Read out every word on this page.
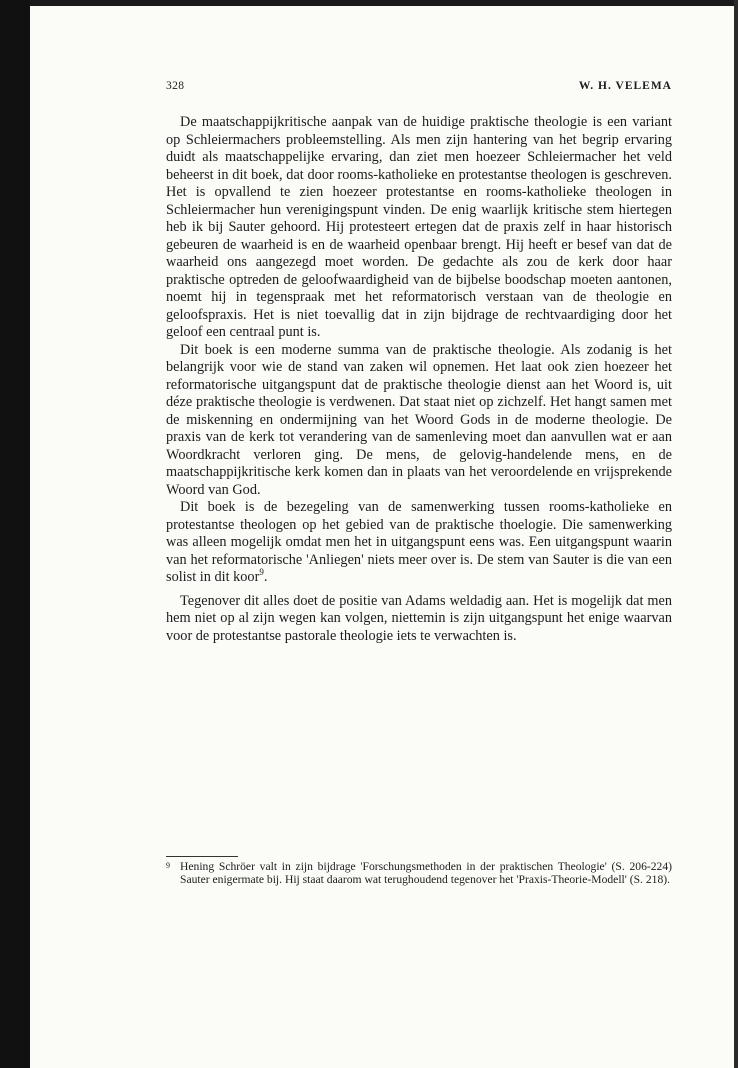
328	W. H. VELEMA

De maatschappijkritische aanpak van de huidige praktische theologie is een variant op Schleiermachers probleemstelling. Als men zijn hantering van het begrip ervaring duidt als maatschappelijke ervaring, dan ziet men hoezeer Schleiermacher het veld beheerst in dit boek, dat door rooms-katholieke en protestantse theologen is geschreven. Het is opvallend te zien hoezeer protestantse en rooms-katholieke theologen in Schleiermacher hun verenigingspunt vinden. De enig waarlijk kritische stem hiertegen heb ik bij Sauter gehoord. Hij protesteert ertegen dat de praxis zelf in haar historisch gebeuren de waarheid is en de waarheid openbaar brengt. Hij heeft er besef van dat de waarheid ons aangezegd moet worden. De gedachte als zou de kerk door haar praktische optreden de geloofwaardigheid van de bijbelse boodschap moeten aantonen, noemt hij in tegenspraak met het reformatorisch verstaan van de theologie en geloofspraxis. Het is niet toevallig dat in zijn bijdrage de rechtvaardiging door het geloof een centraal punt is.

Dit boek is een moderne summa van de praktische theologie. Als zodanig is het belangrijk voor wie de stand van zaken wil opnemen. Het laat ook zien hoezeer het reformatorische uitgangspunt dat de praktische theologie dienst aan het Woord is, uit déze praktische theologie is verdwenen. Dat staat niet op zichzelf. Het hangt samen met de miskenning en ondermijning van het Woord Gods in de moderne theologie. De praxis van de kerk tot verandering van de samenleving moet dan aanvullen wat er aan Woordkracht verloren ging. De mens, de gelovig-handelende mens, en de maatschappijkritische kerk komen dan in plaats van het veroordelende en vrijsprekende Woord van God.

Dit boek is de bezegeling van de samenwerking tussen rooms-katholieke en protestantse theologen op het gebied van de praktische thoelogie. Die samenwerking was alleen mogelijk omdat men het in uitgangspunt eens was. Een uitgangspunt waarin van het reformatorische 'Anliegen' niets meer over is. De stem van Sauter is die van een solist in dit koor$^9$.

Tegenover dit alles doet de positie van Adams weldadig aan. Het is mogelijk dat men hem niet op al zijn wegen kan volgen, niettemin is zijn uitgangspunt het enige waarvan voor de protestantse pastorale theologie iets te verwachten is.

9 Hening Schröer valt in zijn bijdrage 'Forschungsmethoden in der praktischen Theologie' (S. 206-224) Sauter enigermate bij. Hij staat daarom wat terughoudend tegenover het 'Praxis-Theorie-Modell' (S. 218).
